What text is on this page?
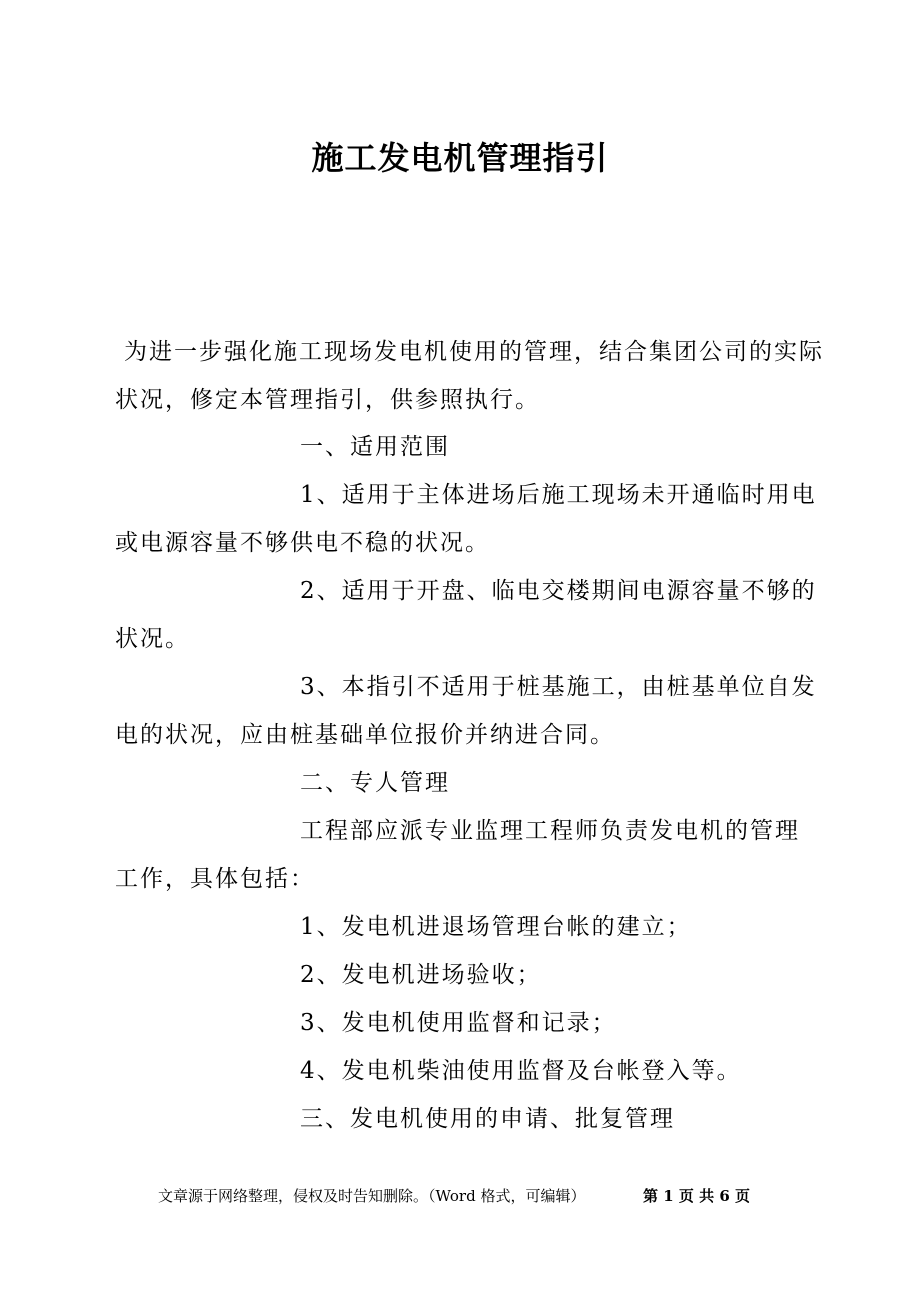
施工发电机管理指引
为进一步强化施工现场发电机使用的管理，结合集团公司的实际
状况，修定本管理指引，供参照执行。
一、适用范围
1、适用于主体进场后施工现场未开通临时用电
或电源容量不够供电不稳的状况。
2、适用于开盘、临电交楼期间电源容量不够的
状况。
3、本指引不适用于桩基施工，由桩基单位自发
电的状况，应由桩基础单位报价并纳进合同。
二、专人管理
工程部应派专业监理工程师负责发电机的管理
工作，具体包括：
1、发电机进退场管理台帐的建立；
2、发电机进场验收；
3、发电机使用监督和记录；
4、发电机柴油使用监督及台帐登入等。
三、发电机使用的申请、批复管理
文章源于网络整理，侵权及时告知删除。（Word 格式，可编辑）	第 1 页 共 6 页
